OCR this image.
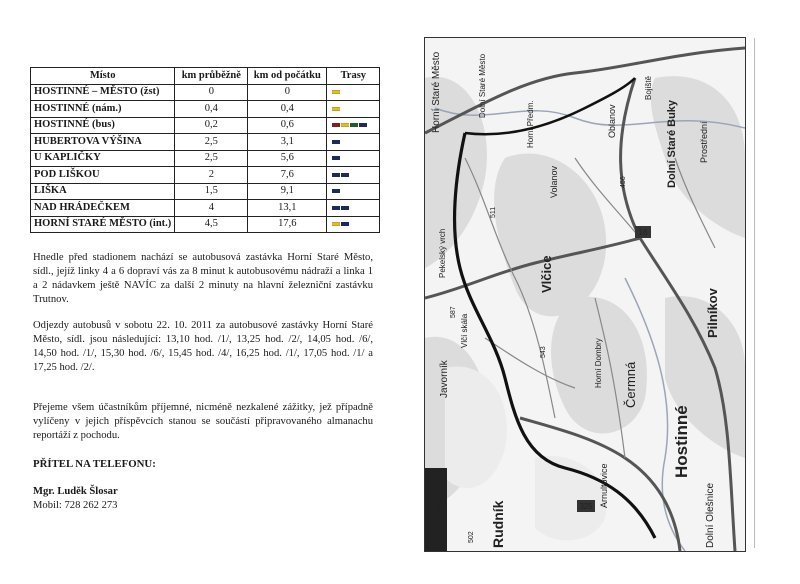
Místo	km průběžně	km od počátku	Trasy
HOSTINNÉ – MĚSTO (žst)	0	0	

HOSTINNÉ (nám.)	0,4	0,4	

HOSTINNÉ (bus)	0,2	0,6	

HUBERTOVA VÝŠINA	2,5	3,1	

U KAPLIČKY	2,5	5,6	

POD LIŠKOU	2	7,6	

LIŠKA	1,5	9,1	

NAD HRÁDEČKEM	4	13,1	

HORNÍ STARÉ MĚSTO (int.)	4,5	17,6	

Hnedle před stadionem nachází se autobusová zastávka Horní Staré Město, sídl., jejíž linky 4 a 6 dopraví vás za 8 minut k autobusovému nádraží a linka 1 a 2 nádavkem ještě NAVÍC za další 2 minuty na hlavní železniční zastávku Trutnov.

Odjezdy autobusů v sobotu 22. 10. 2011 za autobusové zastávky Horní Staré Město, sídl. jsou následující: 13,10 hod. /1/, 13,25 hod. /2/, 14,05 hod. /6/, 14,50 hod. /1/, 15,30 hod. /6/, 15,45 hod. /4/, 16,25 hod. /1/, 17,05 hod. /1/ a 17,25 hod. /2/.

Přejeme všem účastníkům příjemné, nicméně nezkalené zážitky, jež případně vylíčeny v jejich příspěvcích stanou se součástí připravovaného almanachu reportáží z pochodu.

PŘÍTEL NA TELEFONU:
Mgr. Luděk Šlosar
Mobil: 728 262 273
16
325
Horní Staré Město	Dolní Staré Město
Horní Předm.	Oblanov
Bojiště
Dolní Staré Buky Prostřední
Volanov
Vlčice
Pilníkov
Pekelský vrch
Vlčí skála
Javorník	Horní Dombry Čermná
Hostinné
Rudník
Arnultovice	Dolní Olešnice
511
587
543
456
502
PLANstudio
